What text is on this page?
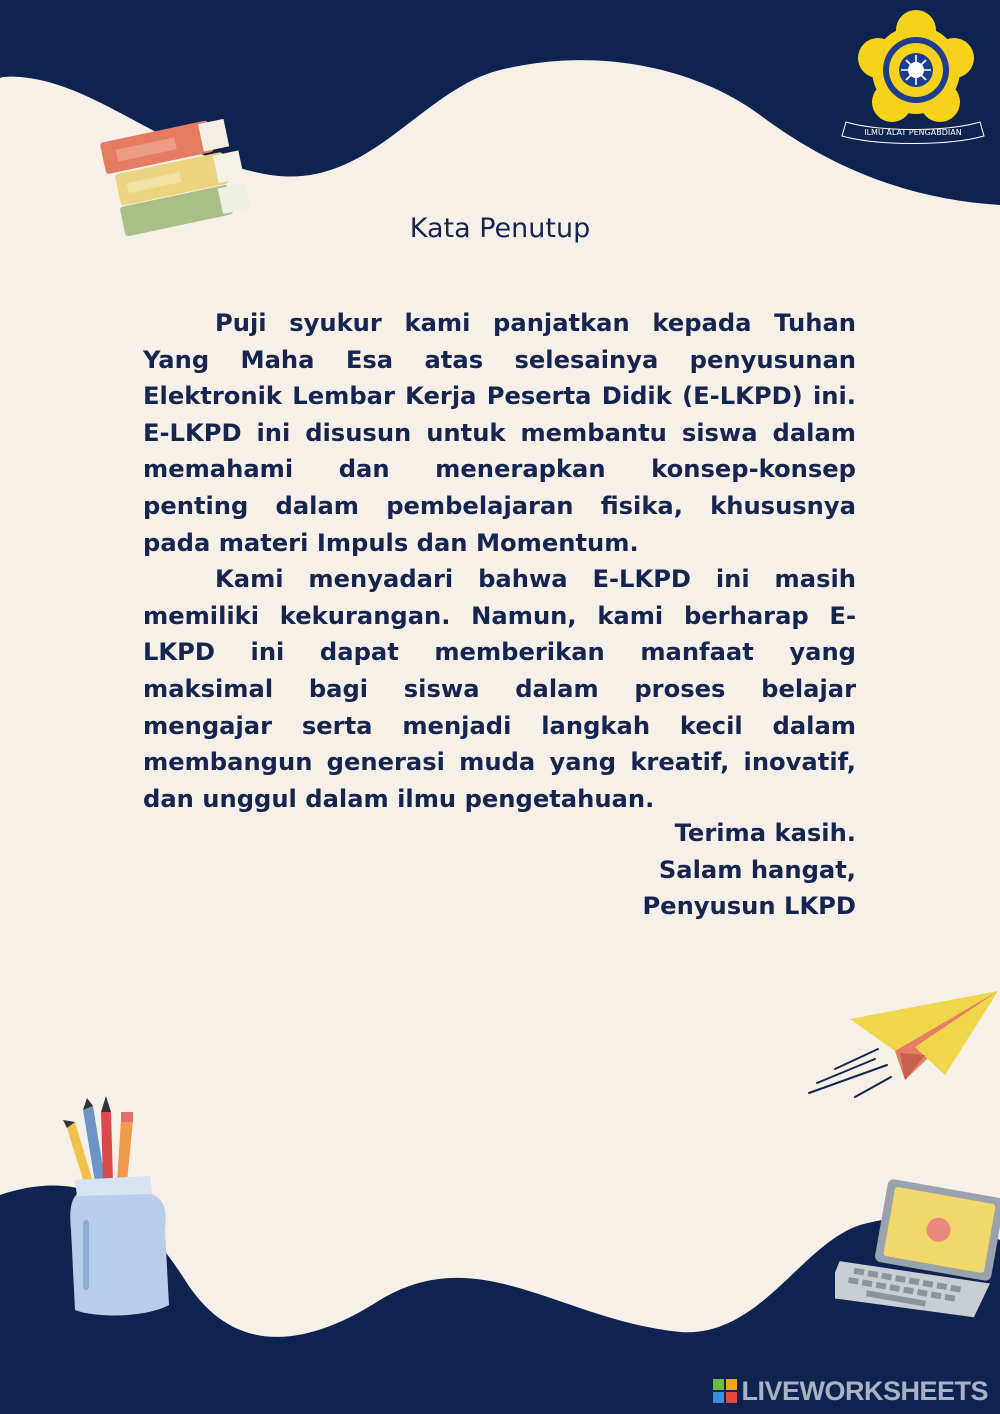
ILMU ALAT PENGABDIAN
Kata Penutup

Puji syukur kami panjatkan kepada Tuhan Yang Maha Esa atas selesainya penyusunan Elektronik Lembar Kerja Peserta Didik (E-LKPD) ini. E-LKPD ini disusun untuk membantu siswa dalam memahami dan menerapkan konsep-konsep penting dalam pembelajaran fisika, khususnya pada materi Impuls dan Momentum.

Kami menyadari bahwa E-LKPD ini masih memiliki kekurangan. Namun, kami berharap E-LKPD ini dapat memberikan manfaat yang maksimal bagi siswa dalam proses belajar mengajar serta menjadi langkah kecil dalam membangun generasi muda yang kreatif, inovatif, dan unggul dalam ilmu pengetahuan.

Terima kasih.
Salam hangat,
Penyusun LKPD
LIVEWORKSHEETS
